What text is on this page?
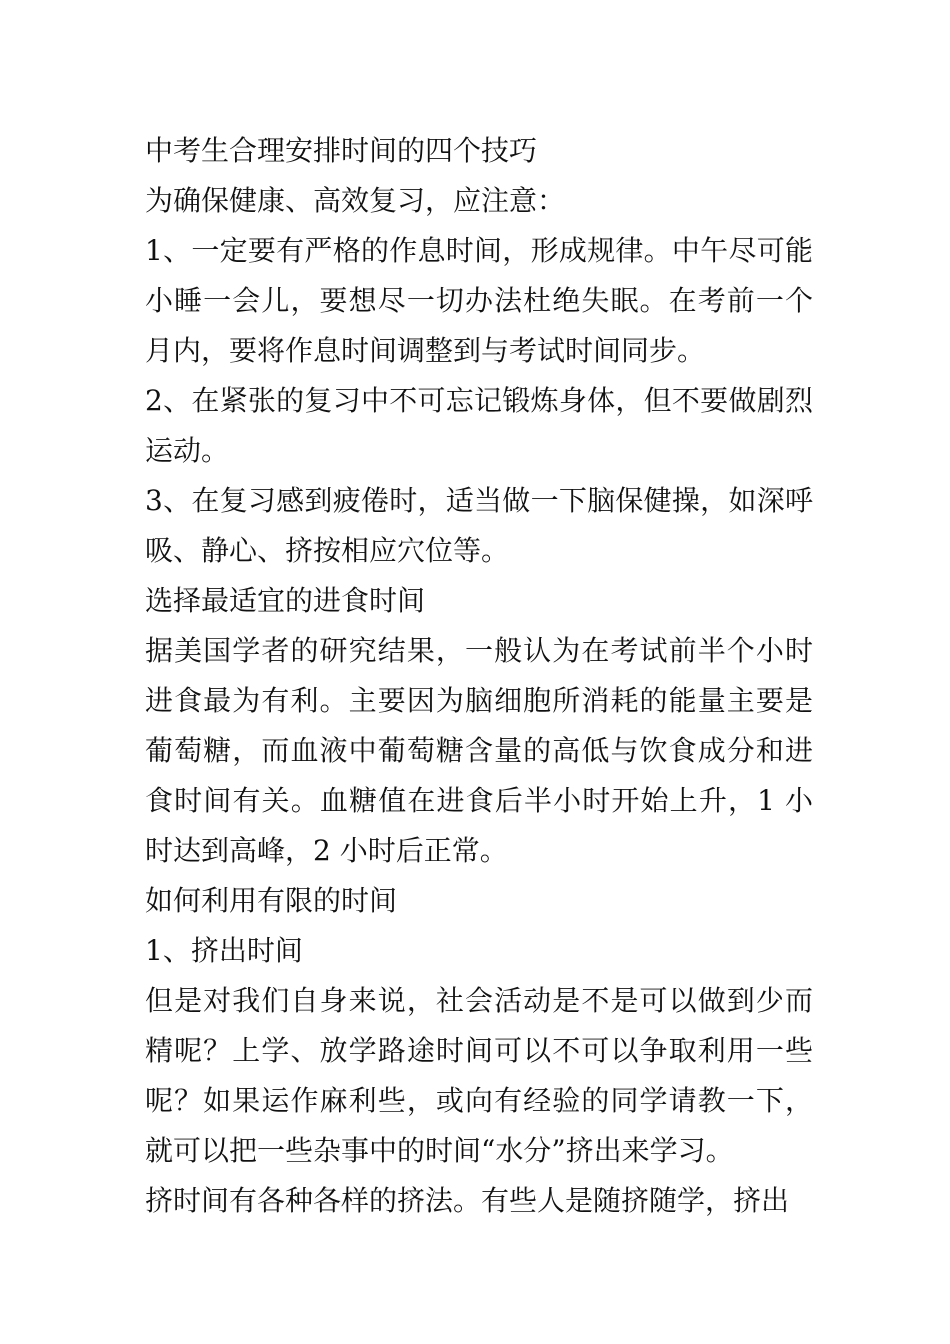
中考生合理安排时间的四个技巧

为确保健康、高效复习，应注意：

1、一定要有严格的作息时间，形成规律。中午尽可能小睡一会儿，要想尽一切办法杜绝失眠。在考前一个月内，要将作息时间调整到与考试时间同步。

2、在紧张的复习中不可忘记锻炼身体，但不要做剧烈运动。

3、在复习感到疲倦时，适当做一下脑保健操，如深呼吸、静心、挤按相应穴位等。

选择最适宜的进食时间

据美国学者的研究结果，一般认为在考试前半个小时进食最为有利。主要因为脑细胞所消耗的能量主要是葡萄糖，而血液中葡萄糖含量的高低与饮食成分和进食时间有关。血糖值在进食后半小时开始上升，1 小时达到高峰，2 小时后正常。

如何利用有限的时间

1、挤出时间

但是对我们自身来说，社会活动是不是可以做到少而精呢？上学、放学路途时间可以不可以争取利用一些呢？如果运作麻利些，或向有经验的同学请教一下，就可以把一些杂事中的时间“水分”挤出来学习。

挤时间有各种各样的挤法。有些人是随挤随学，挤出
